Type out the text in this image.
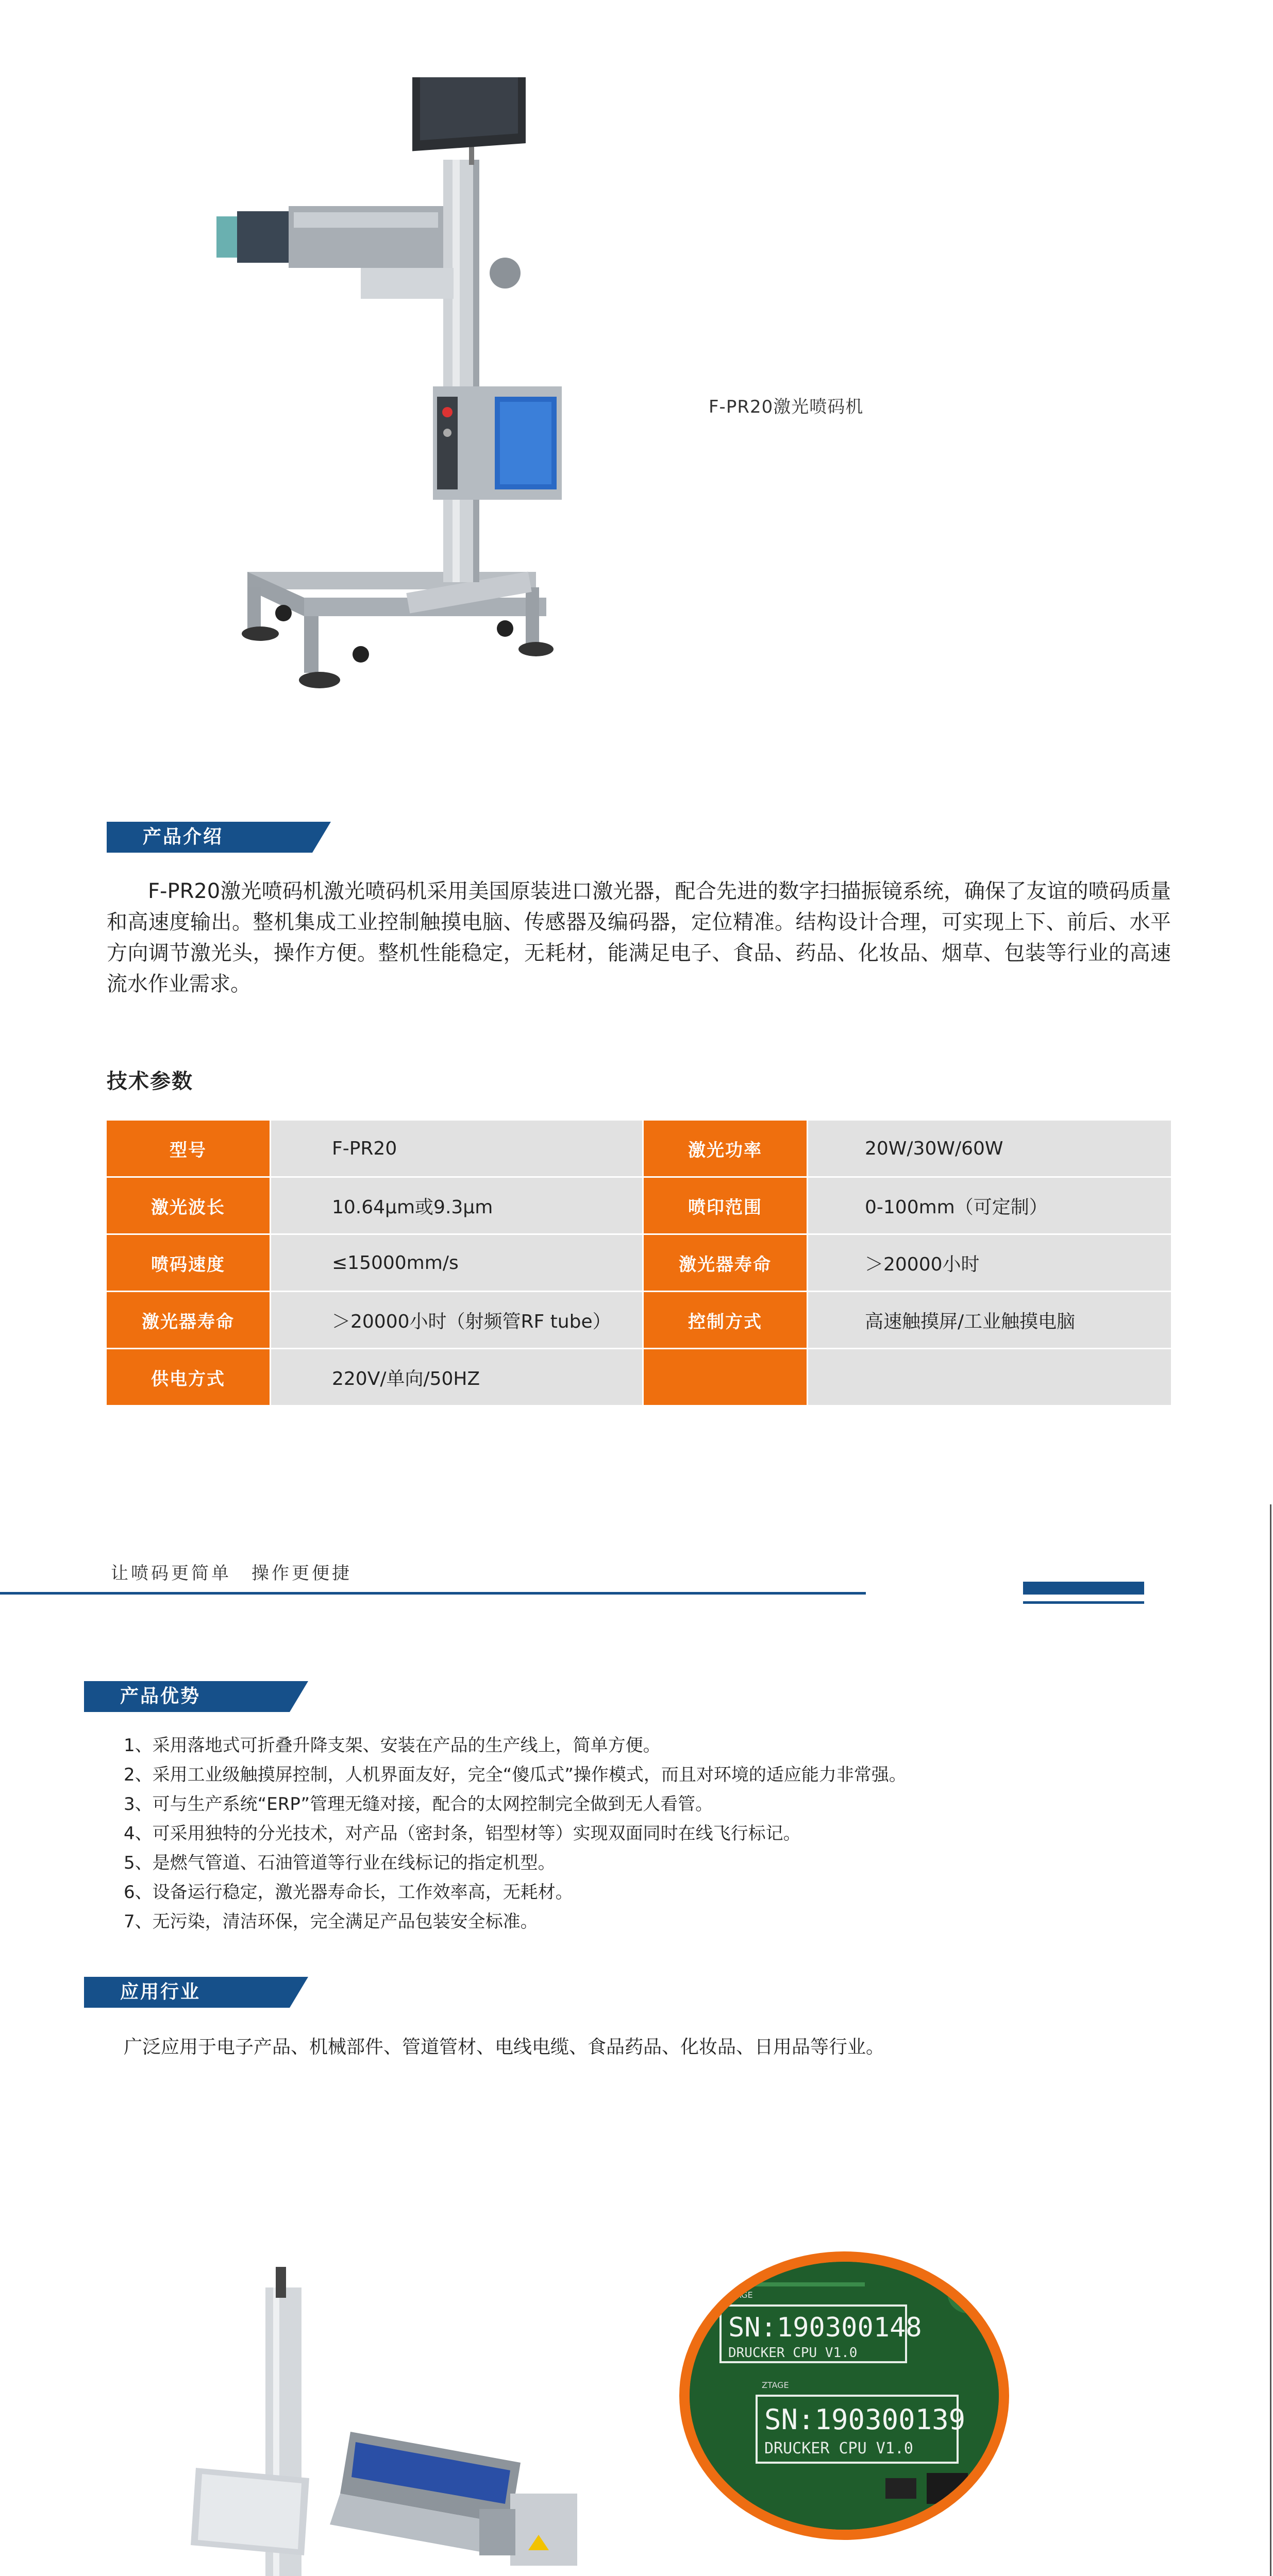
F-PR20激光喷码机
产品介绍
F-PR20激光喷码机激光喷码机采用美国原装进口激光器，配合先进的数字扫描振镜系统，确保了友谊的喷码质量和高速度输出。整机集成工业控制触摸电脑、传感器及编码器，定位精准。结构设计合理，可实现上下、前后、水平方向调节激光头，操作方便。整机性能稳定，无耗材，能满足电子、食品、药品、化妆品、烟草、包装等行业的高速流水作业需求。
技术参数
型号	F-PR20	激光功率	20W/30W/60W
激光波长	10.64μm或9.3μm	喷印范围	0-100mm（可定制）
喷码速度	≤15000mm/s	激光器寿命	＞20000小时
激光器寿命	＞20000小时（射频管RF tube）	控制方式	高速触摸屏/工业触摸电脑
供电方式	220V/单向/50HZ
让喷码更简单　操作更便捷
产品优势
1、采用落地式可折叠升降支架、安装在产品的生产线上，简单方便。
2、采用工业级触摸屏控制，人机界面友好，完全“傻瓜式”操作模式，而且对环境的适应能力非常强。
3、可与生产系统“ERP”管理无缝对接，配合的太网控制完全做到无人看管。
4、可采用独特的分光技术，对产品（密封条，铝型材等）实现双面同时在线飞行标记。
5、是燃气管道、石油管道等行业在线标记的指定机型。
6、设备运行稳定，激光器寿命长，工作效率高，无耗材。
7、无污染，清洁环保，完全满足产品包装安全标准。
应用行业
广泛应用于电子产品、机械部件、管道管材、电线电缆、食品药品、化妆品、日用品等行业。
ZTAGE
SN:190300148
DRUCKER CPU V1.0
ZTAGE
SN:190300139
DRUCKER CPU V1.0
